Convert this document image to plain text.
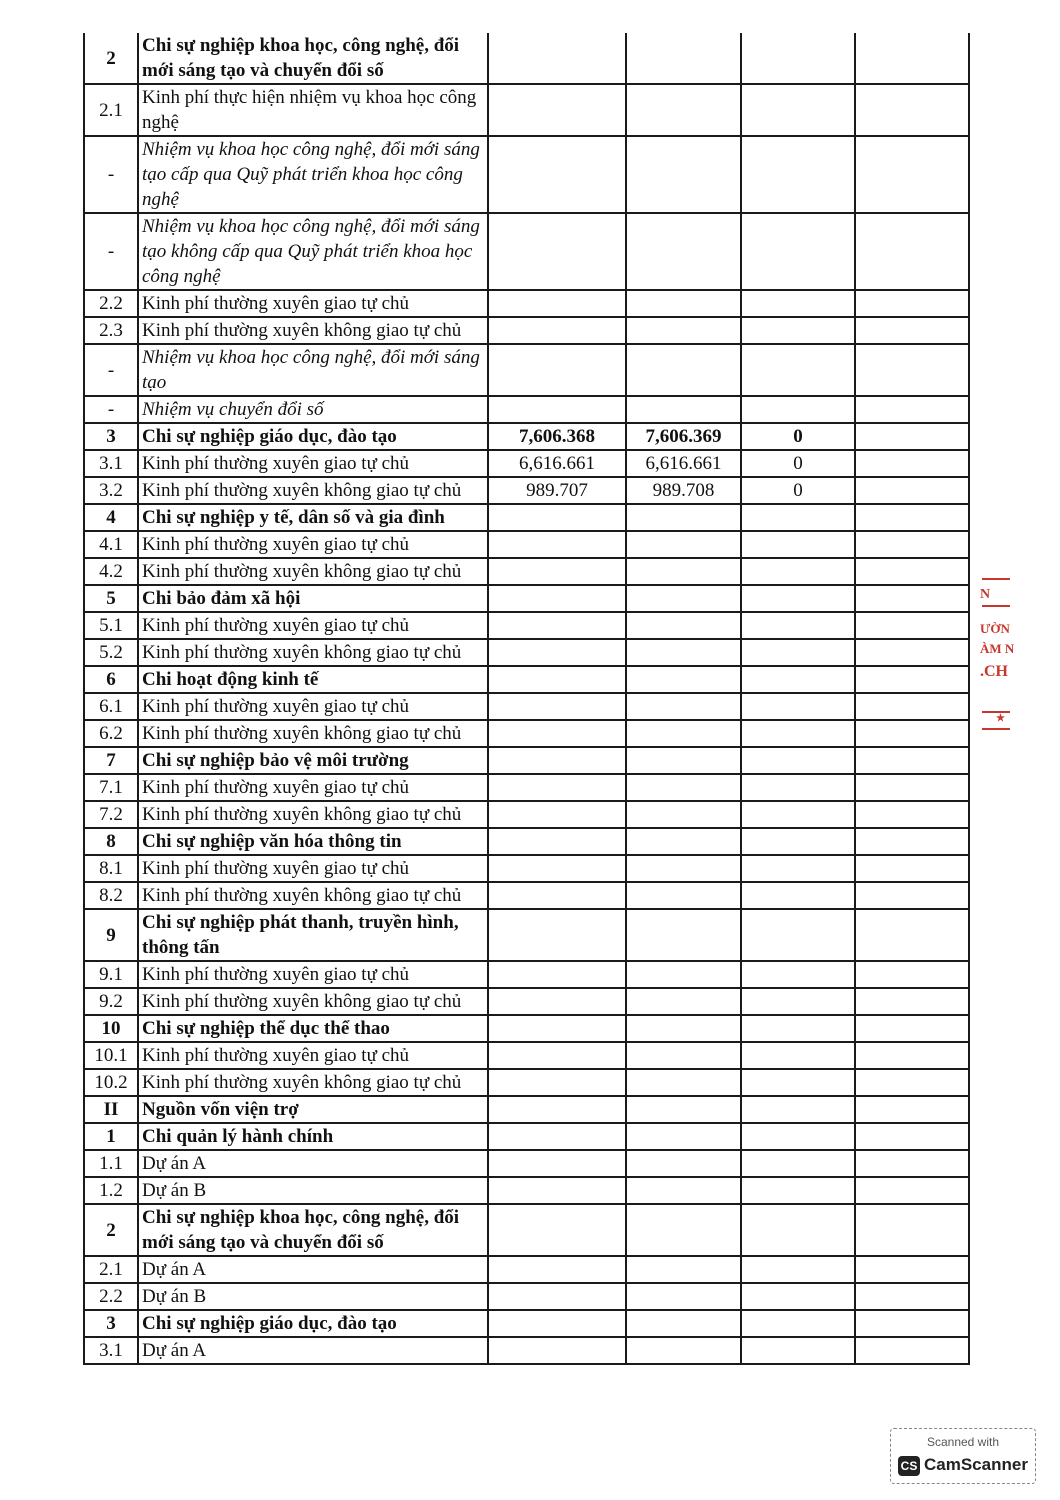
2	Chi sự nghiệp khoa học, công nghệ, đổi mới sáng tạo và chuyển đổi số				
2.1	Kinh phí thực hiện nhiệm vụ khoa học công nghệ				
-	Nhiệm vụ khoa học công nghệ, đổi mới sáng tạo cấp qua Quỹ phát triển khoa học công nghệ				
-	Nhiệm vụ khoa học công nghệ, đổi mới sáng tạo không cấp qua Quỹ phát triển khoa học công nghệ				
2.2	Kinh phí thường xuyên giao tự chủ				
2.3	Kinh phí thường xuyên không giao tự chủ				
-	Nhiệm vụ khoa học công nghệ, đổi mới sáng tạo				
-	Nhiệm vụ chuyển đổi số				
3	Chi sự nghiệp giáo dục, đào tạo	7,606.368	7,606.369	0	
3.1	Kinh phí thường xuyên giao tự chủ	6,616.661	6,616.661	0	
3.2	Kinh phí thường xuyên không giao tự chủ	989.707	989.708	0	
4	Chi sự nghiệp y tế, dân số và gia đình				
4.1	Kinh phí thường xuyên giao tự chủ				
4.2	Kinh phí thường xuyên không giao tự chủ				
5	Chi bảo đảm xã hội				
5.1	Kinh phí thường xuyên giao tự chủ				
5.2	Kinh phí thường xuyên không giao tự chủ				
6	Chi hoạt động kinh tế				
6.1	Kinh phí thường xuyên giao tự chủ				
6.2	Kinh phí thường xuyên không giao tự chủ				
7	Chi sự nghiệp bảo vệ môi trường				
7.1	Kinh phí thường xuyên giao tự chủ				
7.2	Kinh phí thường xuyên không giao tự chủ				
8	Chi sự nghiệp văn hóa thông tin				
8.1	Kinh phí thường xuyên giao tự chủ				
8.2	Kinh phí thường xuyên không giao tự chủ				
9	Chi sự nghiệp phát thanh, truyền hình, thông tấn				
9.1	Kinh phí thường xuyên giao tự chủ				
9.2	Kinh phí thường xuyên không giao tự chủ				
10	Chi sự nghiệp thể dục thể thao				
10.1	Kinh phí thường xuyên giao tự chủ				
10.2	Kinh phí thường xuyên không giao tự chủ				
II	Nguồn vốn viện trợ				
1	Chi quản lý hành chính				
1.1	Dự án A				
1.2	Dự án B				
2	Chi sự nghiệp khoa học, công nghệ, đổi mới sáng tạo và chuyển đổi số				
2.1	Dự án A				
2.2	Dự án B				
3	Chi sự nghiệp giáo dục, đào tạo				
3.1	Dự án A				
N
ƯỜN
ÀM N
.CH
★
Scanned with
CS CamScanner
